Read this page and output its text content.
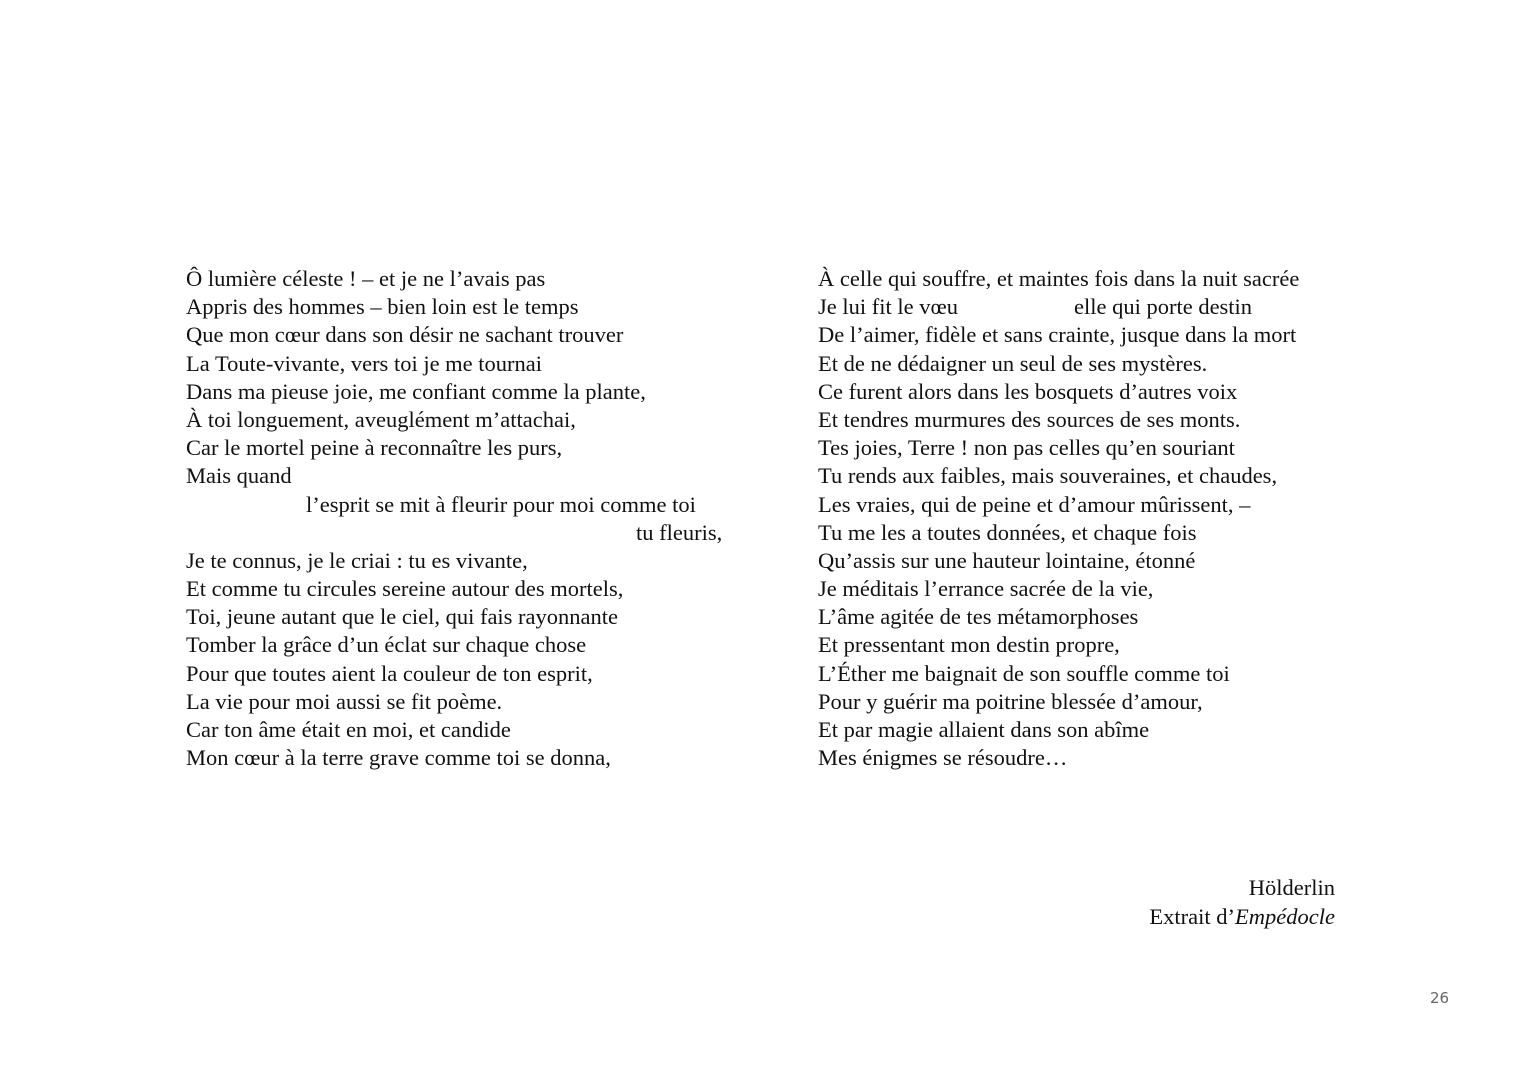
Ô lumière céleste ! – et je ne l’avais pas
Appris des hommes – bien loin est le temps
Que mon cœur dans son désir ne sachant trouver
La Toute-vivante, vers toi je me tournai
Dans ma pieuse joie, me confiant comme la plante,
À toi longuement, aveuglément m’attachai,
Car le mortel peine à reconnaître les purs,
Mais quand
l’esprit se mit à fleurir pour moi comme toi
tu fleuris,
Je te connus, je le criai : tu es vivante,
Et comme tu circules sereine autour des mortels,
Toi, jeune autant que le ciel, qui fais rayonnante
Tomber la grâce d’un éclat sur chaque chose
Pour que toutes aient la couleur de ton esprit,
La vie pour moi aussi se fit poème.
Car ton âme était en moi, et candide
Mon cœur à la terre grave comme toi se donna,
À celle qui souffre, et maintes fois dans la nuit sacrée
Je lui fit le vœu	elle qui porte destin
De l’aimer, fidèle et sans crainte, jusque dans la mort
Et de ne dédaigner un seul de ses mystères.
Ce furent alors dans les bosquets d’autres voix
Et tendres murmures des sources de ses monts.
Tes joies, Terre ! non pas celles qu’en souriant
Tu rends aux faibles, mais souveraines, et chaudes,
Les vraies, qui de peine et d’amour mûrissent, –
Tu me les a toutes données, et chaque fois
Qu’assis sur une hauteur lointaine, étonné
Je méditais l’errance sacrée de la vie,
L’âme agitée de tes métamorphoses
Et pressentant mon destin propre,
L’Éther me baignait de son souffle comme toi
Pour y guérir ma poitrine blessée d’amour,
Et par magie allaient dans son abîme
Mes énigmes se résoudre…
Hölderlin
Extrait d’Empédocle
26
